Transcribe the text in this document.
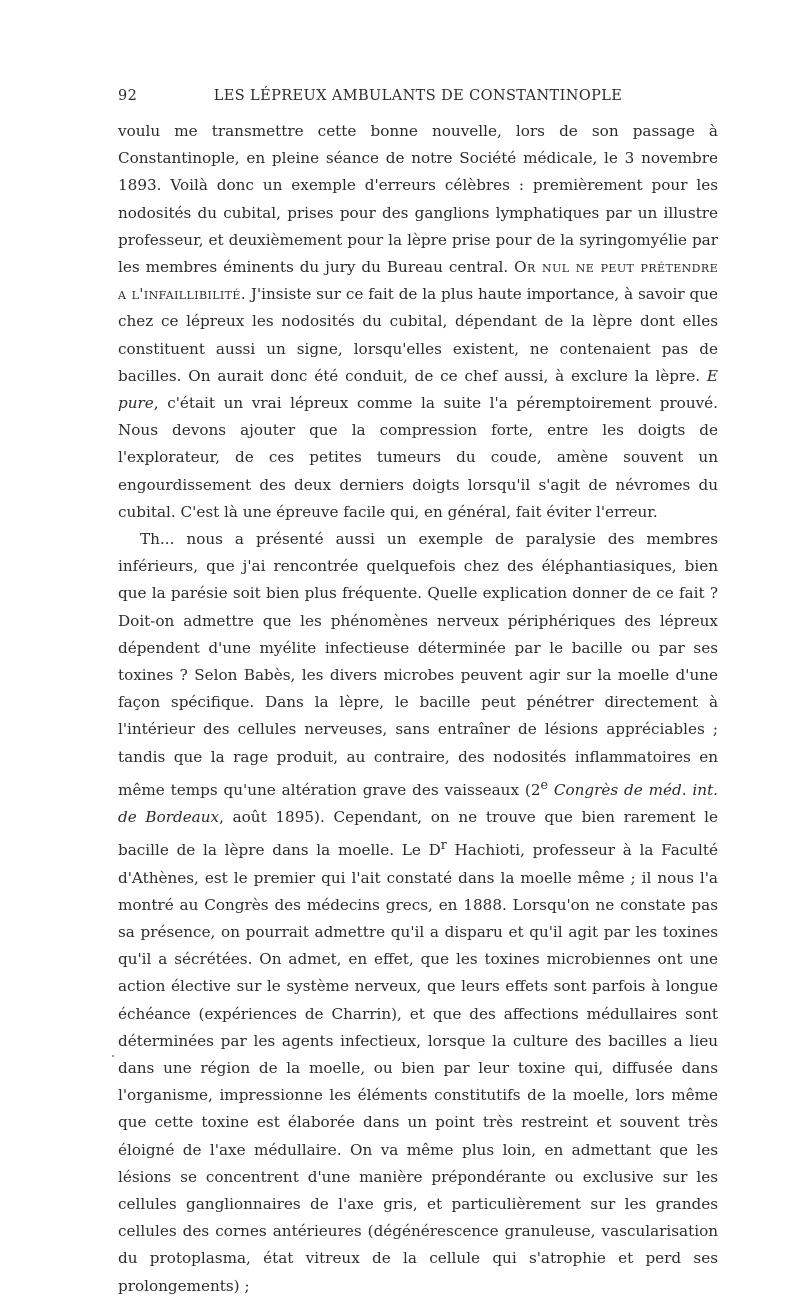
92	LES LÉPREUX AMBULANTS DE CONSTANTINOPLE

voulu me transmettre cette bonne nouvelle, lors de son passage à Constantinople, en pleine séance de notre Société médicale, le 3 novembre 1893. Voilà donc un exemple d'erreurs célèbres : premièrement pour les nodosités du cubital, prises pour des ganglions lymphatiques par un illustre professeur, et deuxièmement pour la lèpre prise pour de la syringomyélie par les membres éminents du jury du Bureau central. Or nul ne peut prétendre a l'infaillibilité. J'insiste sur ce fait de la plus haute importance, à savoir que chez ce lépreux les nodosités du cubital, dépendant de la lèpre dont elles constituent aussi un signe, lorsqu'elles existent, ne contenaient pas de bacilles. On aurait donc été conduit, de ce chef aussi, à exclure la lèpre. E pure, c'était un vrai lépreux comme la suite l'a péremptoirement prouvé. Nous devons ajouter que la compression forte, entre les doigts de l'explorateur, de ces petites tumeurs du coude, amène souvent un engourdissement des deux derniers doigts lorsqu'il s'agit de névromes du cubital. C'est là une épreuve facile qui, en général, fait éviter l'erreur.

Th... nous a présenté aussi un exemple de paralysie des membres inférieurs, que j'ai rencontrée quelquefois chez des éléphantiasiques, bien que la parésie soit bien plus fréquente. Quelle explication donner de ce fait ? Doit-on admettre que les phénomènes nerveux périphériques des lépreux dépendent d'une myélite infectieuse déterminée par le bacille ou par ses toxines ? Selon Babès, les divers microbes peuvent agir sur la moelle d'une façon spécifique. Dans la lèpre, le bacille peut pénétrer directement à l'intérieur des cellules nerveuses, sans entraîner de lésions appréciables ; tandis que la rage produit, au contraire, des nodosités inflammatoires en même temps qu'une altération grave des vaisseaux (2e Congrès de méd. int. de Bordeaux, août 1895). Cependant, on ne trouve que bien rarement le bacille de la lèpre dans la moelle. Le $D^r$ Hachioti, professeur à la Faculté d'Athènes, est le premier qui l'ait constaté dans la moelle même ; il nous l'a montré au Congrès des médecins grecs, en 1888. Lorsqu'on ne constate pas sa présence, on pourrait admettre qu'il a disparu et qu'il agit par les toxines qu'il a sécrétées. On admet, en effet, que les toxines microbiennes ont une action élective sur le système nerveux, que leurs effets sont parfois à longue échéance (expériences de Charrin), et que des affections médullaires sont déterminées par les agents infectieux, lorsque la culture des bacilles a lieu dans une région de la moelle, ou bien par leur toxine qui, diffusée dans l'organisme, impressionne les éléments constitutifs de la moelle, lors même que cette toxine est élaborée dans un point très restreint et souvent très éloigné de l'axe médullaire. On va même plus loin, en admettant que les lésions se concentrent d'une manière prépondérante ou exclusive sur les cellules ganglionnaires de l'axe gris, et particulièrement sur les grandes cellules des cornes antérieures (dégénérescence granuleuse, vascularisation du protoplasma, état vitreux de la cellule qui s'atrophie et perd ses prolongements) ;
